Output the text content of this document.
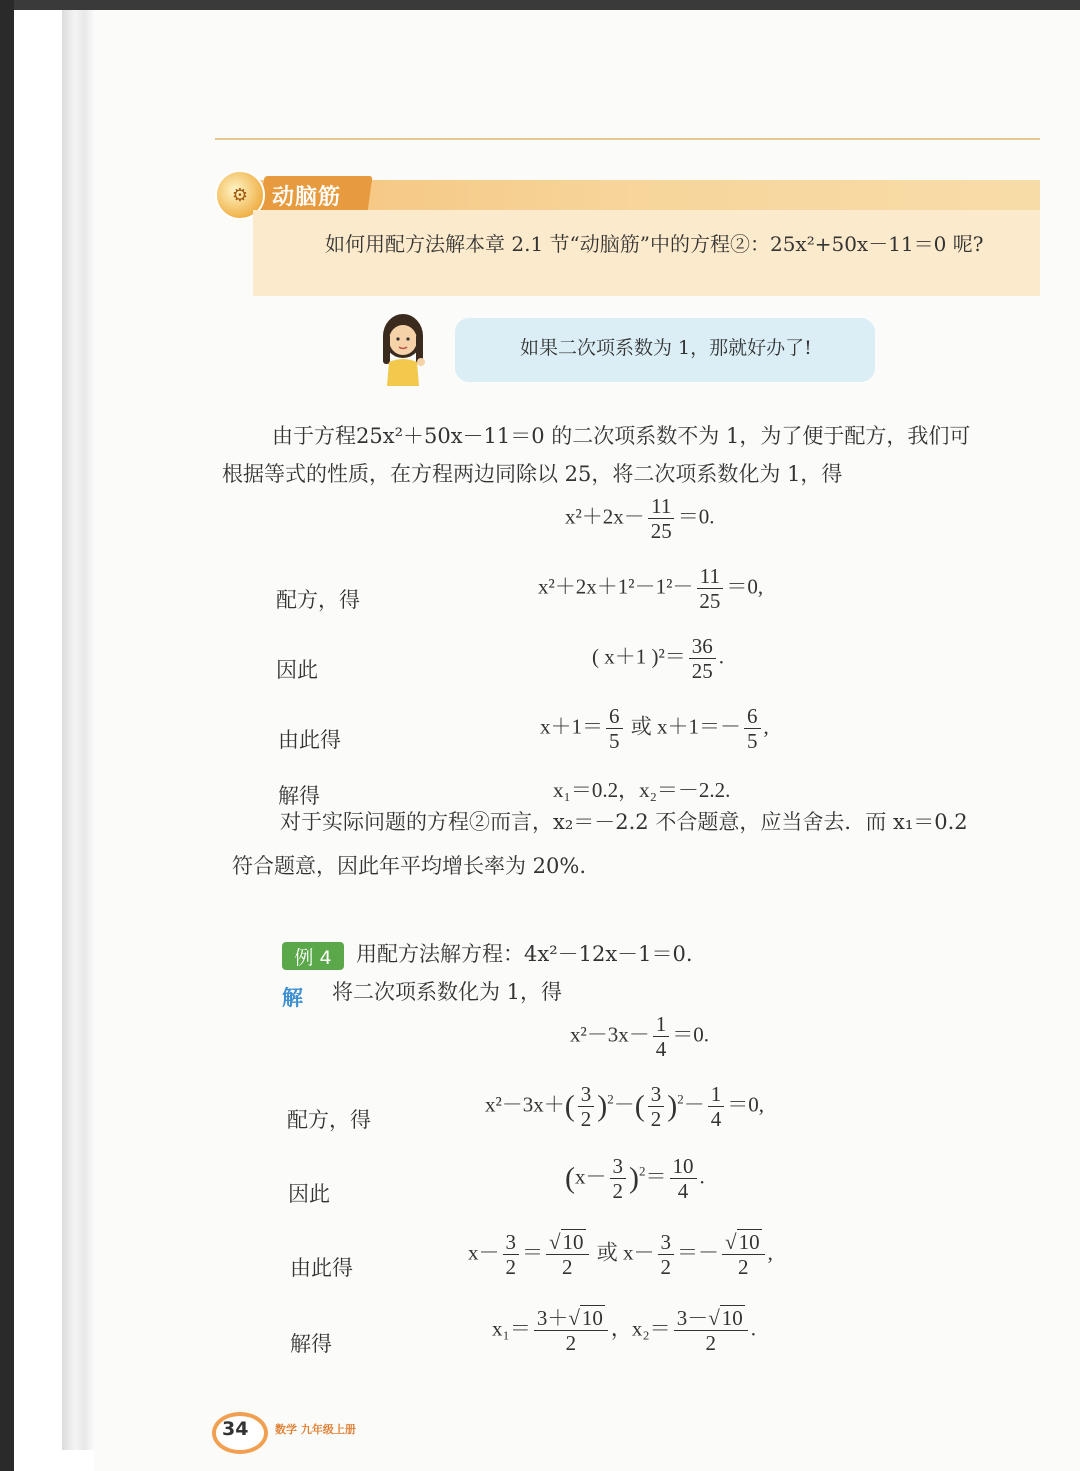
动脑筋
⚙
如何用配方法解本章 2.1 节“动脑筋”中的方程②：25x²+50x－11＝0 呢?
如果二次项系数为 1，那就好办了!
由于方程25x²＋50x－11＝0 的二次项系数不为 1，为了便于配方，我们可
根据等式的性质，在方程两边同除以 25，将二次项系数化为 1，得
$x^2+2x- \frac{11}{25} =0$.
配方，得
$x^2+2x+1^2-1^2- \frac{11}{25} =0$,
因此
( x＋1 )$^2= \frac{36}{25}$ .
由此得
$x+1= \frac{6}{5}$ 或 $x+1=- \frac{6}{5}$ ,
解得	x₁＝0.2，x₂＝－2.2.
对于实际问题的方程②而言，x₂＝－2.2 不合题意，应当舍去．而 x₁＝0.2
符合题意，因此年平均增长率为 20%.
例 4	用配方法解方程：4x²－12x－1＝0.
解 将二次项系数化为 1，得
$x^2-3x- \frac{1}{4} =0$.
配方，得
$x^2-3x+( \frac{3}{2} )^2-( \frac{3}{2} )^2- \frac{1}{4} =0$,
因此	$(x- \frac{3}{2} )^2= \frac{10}{4}$ .
由此得
$x- \frac{3}{2} = \frac{√10}{2}$ 或 $x- \frac{3}{2} =- \frac{√10}{2}$ ,
解得
$x_1= \frac{3+√10}{2}$ ，$x_2= \frac{3-√10}{2}$ .
34 数学 九年级上册
